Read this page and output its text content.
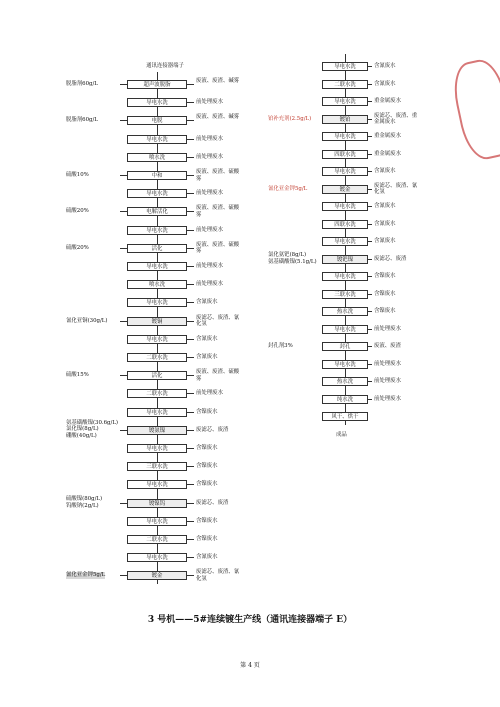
通讯连接器端子
超声波脱脂
废液、废渣、碱雾
脱脂剂60g/L
导电水洗	前处理废水
电脱
废液、废渣、碱雾
脱脂剂60g/L
导电水洗	前处理废水
喷水洗	前处理废水
中和
废液、废渣、硫酸雾
硫酸10%
导电水洗	前处理废水
电解活化
废液、废渣、硫酸雾
硫酸20%
导电水洗	前处理废水
活化
废液、废渣、硫酸雾
硫酸20%
导电水洗	前处理废水
喷水洗	前处理废水
导电水洗	含氰废水
镀铜
废滤芯、废渣、氰化氢
氰化亚铜(30g/L)
导电水洗	含氰废水
二联水洗	含氰废水
活化
废液、废渣、硫酸雾
硫酸15%
二联水洗	前处理废水
导电水洗	含镍废水
镀氨镍	废滤芯、废渣
氨基磺酸镍(30.6g/L)
氯化镍(8g/L)
硼酸(40g/L)
导电水洗	含镍废水
三联水洗	含镍废水
导电水洗	含镍废水
镀镍钨	废滤芯、废渣
硫酸镍(80g/L)
钨酸钠(2g/L)
导电水洗	含镍废水
二联水洗	含镍废水
导电水洗	含氰废水
镀金
废滤芯、废渣、氰化氢
氰化亚金钾5g/L
导电水洗	含氰废水
二联水洗	含氰废水
导电水洗	重金属废水
镀铂
废滤芯、废渣、重金属废水
铂补充剂(2.5g/L)
导电水洗	重金属废水
四联水洗	重金属废水
导电水洗	含氰废水
镀金
废滤芯、废渣、氰化氢
氰化亚金钾5g/L
导电水洗	含氰废水
四联水洗	含氰废水
导电水洗	含氰废水
镀钯镍	废滤芯、废渣
氯化氨钯(8g/L)
氨基磺酸镍(5.1g/L)
导电水洗	含镍废水
三联水洗	含镍废水
热水洗	含镍废水
导电水洗	前处理废水
封孔	废液、废渣
封孔剂3%
导电水洗	前处理废水
热水洗	前处理废水
纯水洗	前处理废水
风干、烘干
成品
3 号机——5#连续镀生产线（通讯连接器端子 E）
第 4 页
